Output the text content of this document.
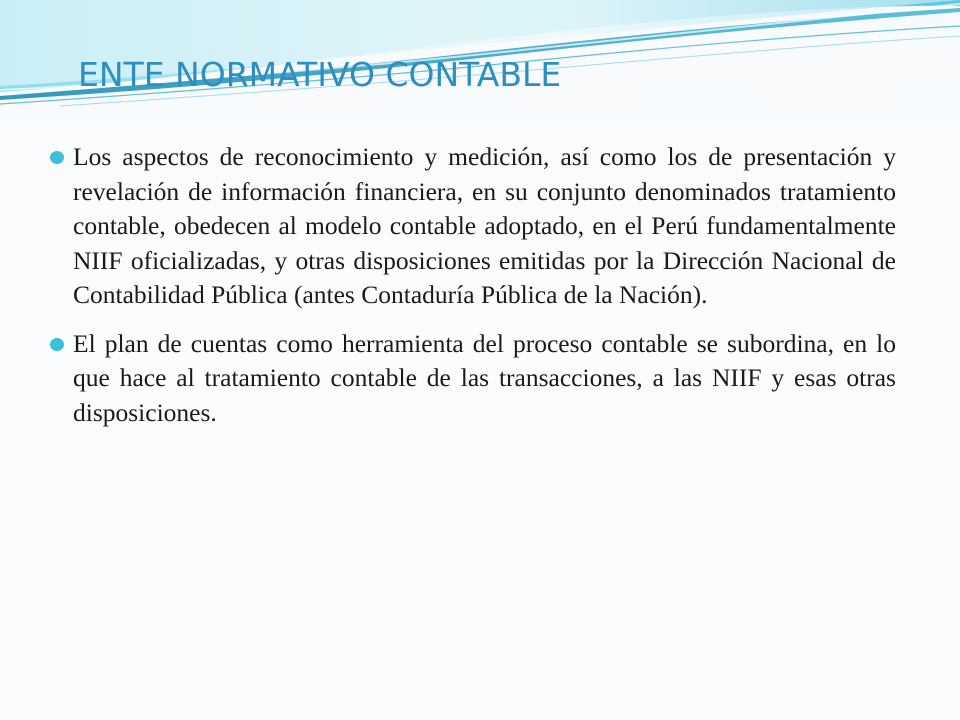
ENTE NORMATIVO CONTABLE

Los aspectos de reconocimiento y medición, así como los de presentación y revelación de información financiera, en su conjunto denominados tratamiento contable, obedecen al modelo contable adoptado, en el Perú fundamentalmente NIIF oficializadas, y otras disposiciones emitidas por la Dirección Nacional de Contabilidad Pública (antes Contaduría Pública de la Nación).

El plan de cuentas como herramienta del proceso contable se subordina, en lo que hace al tratamiento contable de las transacciones, a las NIIF y esas otras disposiciones.
